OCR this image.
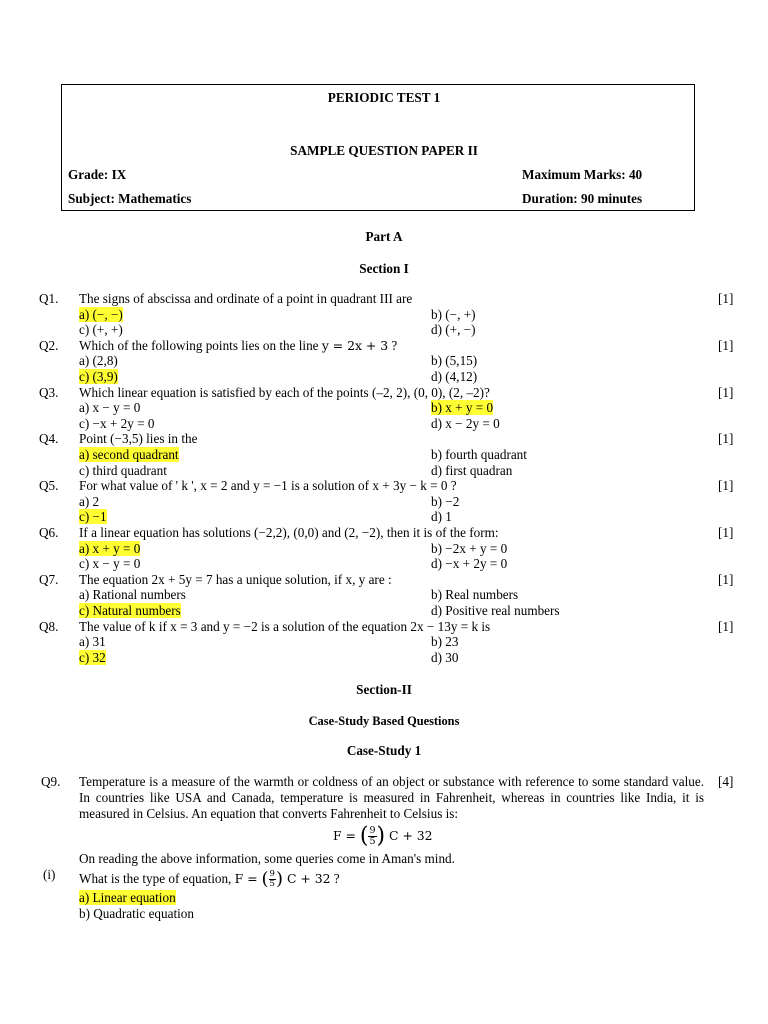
PERIODIC TEST 1
SAMPLE QUESTION PAPER II
Grade: IX	Maximum Marks: 40
Subject: Mathematics	Duration: 90 minutes
Part A
Section I
Q1. The signs of abscissa and ordinate of a point in quadrant III are	[1]
a) (−, −)	b) (−, +)
c) (+, +)	d) (+, −)
Q2. Which of the following points lies on the line y = 2x + 3 ?	[1]
a) (2,8)	b) (5,15)
c) (3,9)	d) (4,12)
Q3. Which linear equation is satisfied by each of the points (–2, 2), (0, 0), (2, –2)?	[1]
a) x − y = 0	b) x + y = 0
c) −x + 2y = 0	d) x − 2y = 0
Q4. Point (−3,5) lies in the	[1]
a) second quadrant	b) fourth quadrant
c) third quadrant	d) first quadran
Q5. For what value of ' k ', x = 2 and y = −1 is a solution of x + 3y − k = 0 ?	[1]
a) 2	b) −2
c) −1	d) 1
Q6. If a linear equation has solutions (−2,2), (0,0) and (2, −2), then it is of the form:	[1]
a) x + y = 0	b) −2x + y = 0
c) x − y = 0	d) −x + 2y = 0
Q7. The equation 2x + 5y = 7 has a unique solution, if x, y are :	[1]
a) Rational numbers	b) Real numbers
c) Natural numbers	d) Positive real numbers
Q8. The value of k if x = 3 and y = −2 is a solution of the equation 2x − 13y = k is	[1]
a) 31	b) 23
c) 32	d) 30
Section-II
Case-Study Based Questions
Case-Study 1
Q9.	[4]
Temperature is a measure of the warmth or coldness of an object or substance with reference to some standard value. In countries like USA and Canada, temperature is measured in Fahrenheit, whereas in countries like India, it is measured in Celsius. An equation that converts Fahrenheit to Celsius is:
F = ( $\frac{9}{5}$ ) C + 32
On reading the above information, some queries come in Aman's mind.
(i) What is the type of equation, F = ( $\frac{9}{5}$ ) C + 32 ?
a) Linear equation
b) Quadratic equation
